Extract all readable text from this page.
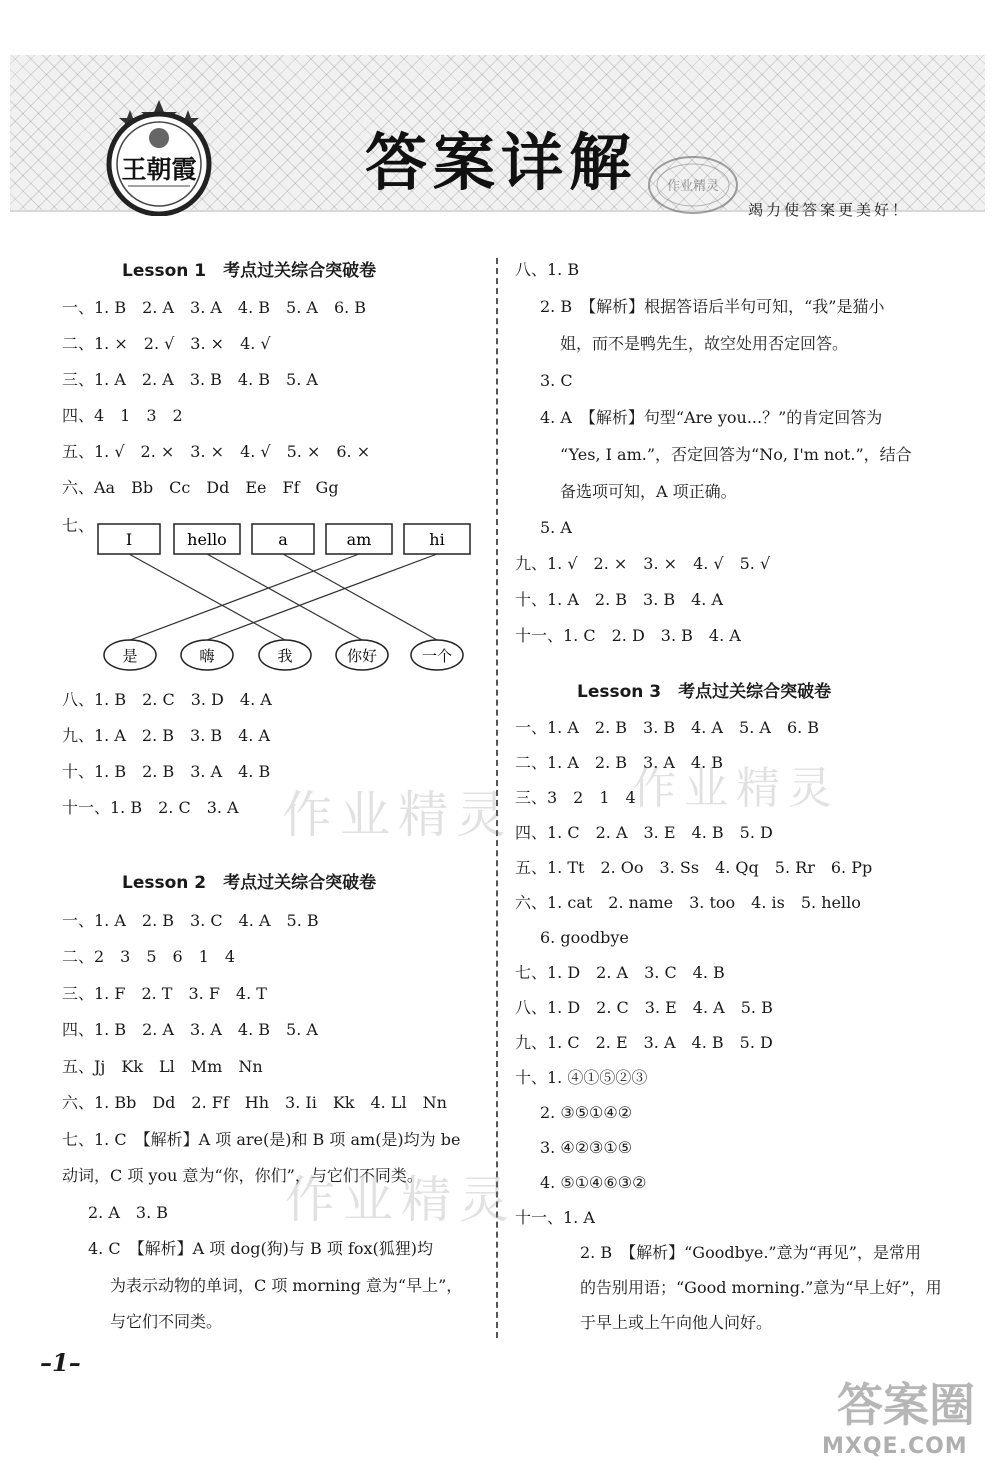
王朝霞	答案详解	作业精灵
竭力使答案更美好！
Lesson 1　考点过关综合突破卷
一、1. B　2. A　3. A　4. B　5. A　6. B
二、1. ×　2. √　3. ×　4. √
三、1. A　2. A　3. B　4. B　5. A
四、4　1　3　2
五、1. √　2. ×　3. ×　4. √　5. ×　6. ×
六、Aa　Bb　Cc　Dd　Ee　Ff　Gg
七、
I	hello	a	am	hi
是	嗨	我	你好	一个
八、1. B　2. C　3. D　4. A
九、1. A　2. B　3. B　4. A
十、1. B　2. B　3. A　4. B
十一、1. B　2. C　3. A 作业精灵
Lesson 2　考点过关综合突破卷
一、1. A　2. B　3. C　4. A　5. B
二、2　3　5　6　1　4
三、1. F　2. T　3. F　4. T
四、1. B　2. A　3. A　4. B　5. A
五、Jj　Kk　Ll　Mm　Nn
六、1. Bb　Dd　2. Ff　Hh　3. Ii　Kk　4. Ll　Nn
七、1. C　【解析】A 项 are(是)和 B 项 am(是)均为 be
动词，C 项 you 意为“你，你们”，与它们不同类。
2. A　3. B
4. C　【解析】A 项 dog(狗)与 B 项 fox(狐狸)均
为表示动物的单词，C 项 morning 意为“早上”，
与它们不同类。
作业精灵
八、1. B
2. B　【解析】根据答语后半句可知，“我”是猫小
姐，而不是鸭先生，故空处用否定回答。
3. C
4. A　【解析】句型“Are you...？”的肯定回答为
“Yes, I am.”，否定回答为“No, I'm not.”，结合
备选项可知，A 项正确。
5. A
九、1. √　2. ×　3. ×　4. √　5. √
十、1. A　2. B　3. B　4. A
十一、1. C　2. D　3. B　4. A
Lesson 3　考点过关综合突破卷
一、1. A　2. B　3. B　4. A　5. A　6. B
二、1. A　2. B　3. A　4. B
三、3　2　1　4
四、1. C　2. A　3. E　4. B　5. D
五、1. Tt　2. Oo　3. Ss　4. Qq　5. Rr　6. Pp
六、1. cat　2. name　3. too　4. is　5. hello
6. goodbye
七、1. D　2. A　3. C　4. B
八、1. D　2. C　3. E　4. A　5. B
九、1. C　2. E　3. A　4. B　5. D
十、1. ④①⑤②③
2. ③⑤①④②
3. ④②③①⑤
4. ⑤①④⑥③②
十一、1. A
2. B　【解析】“Goodbye.”意为“再见”，是常用
的告别用语；“Good morning.”意为“早上好”，用
于早上或上午向他人问好。
作业精灵
–1–
答案圈
MXQE.COM
